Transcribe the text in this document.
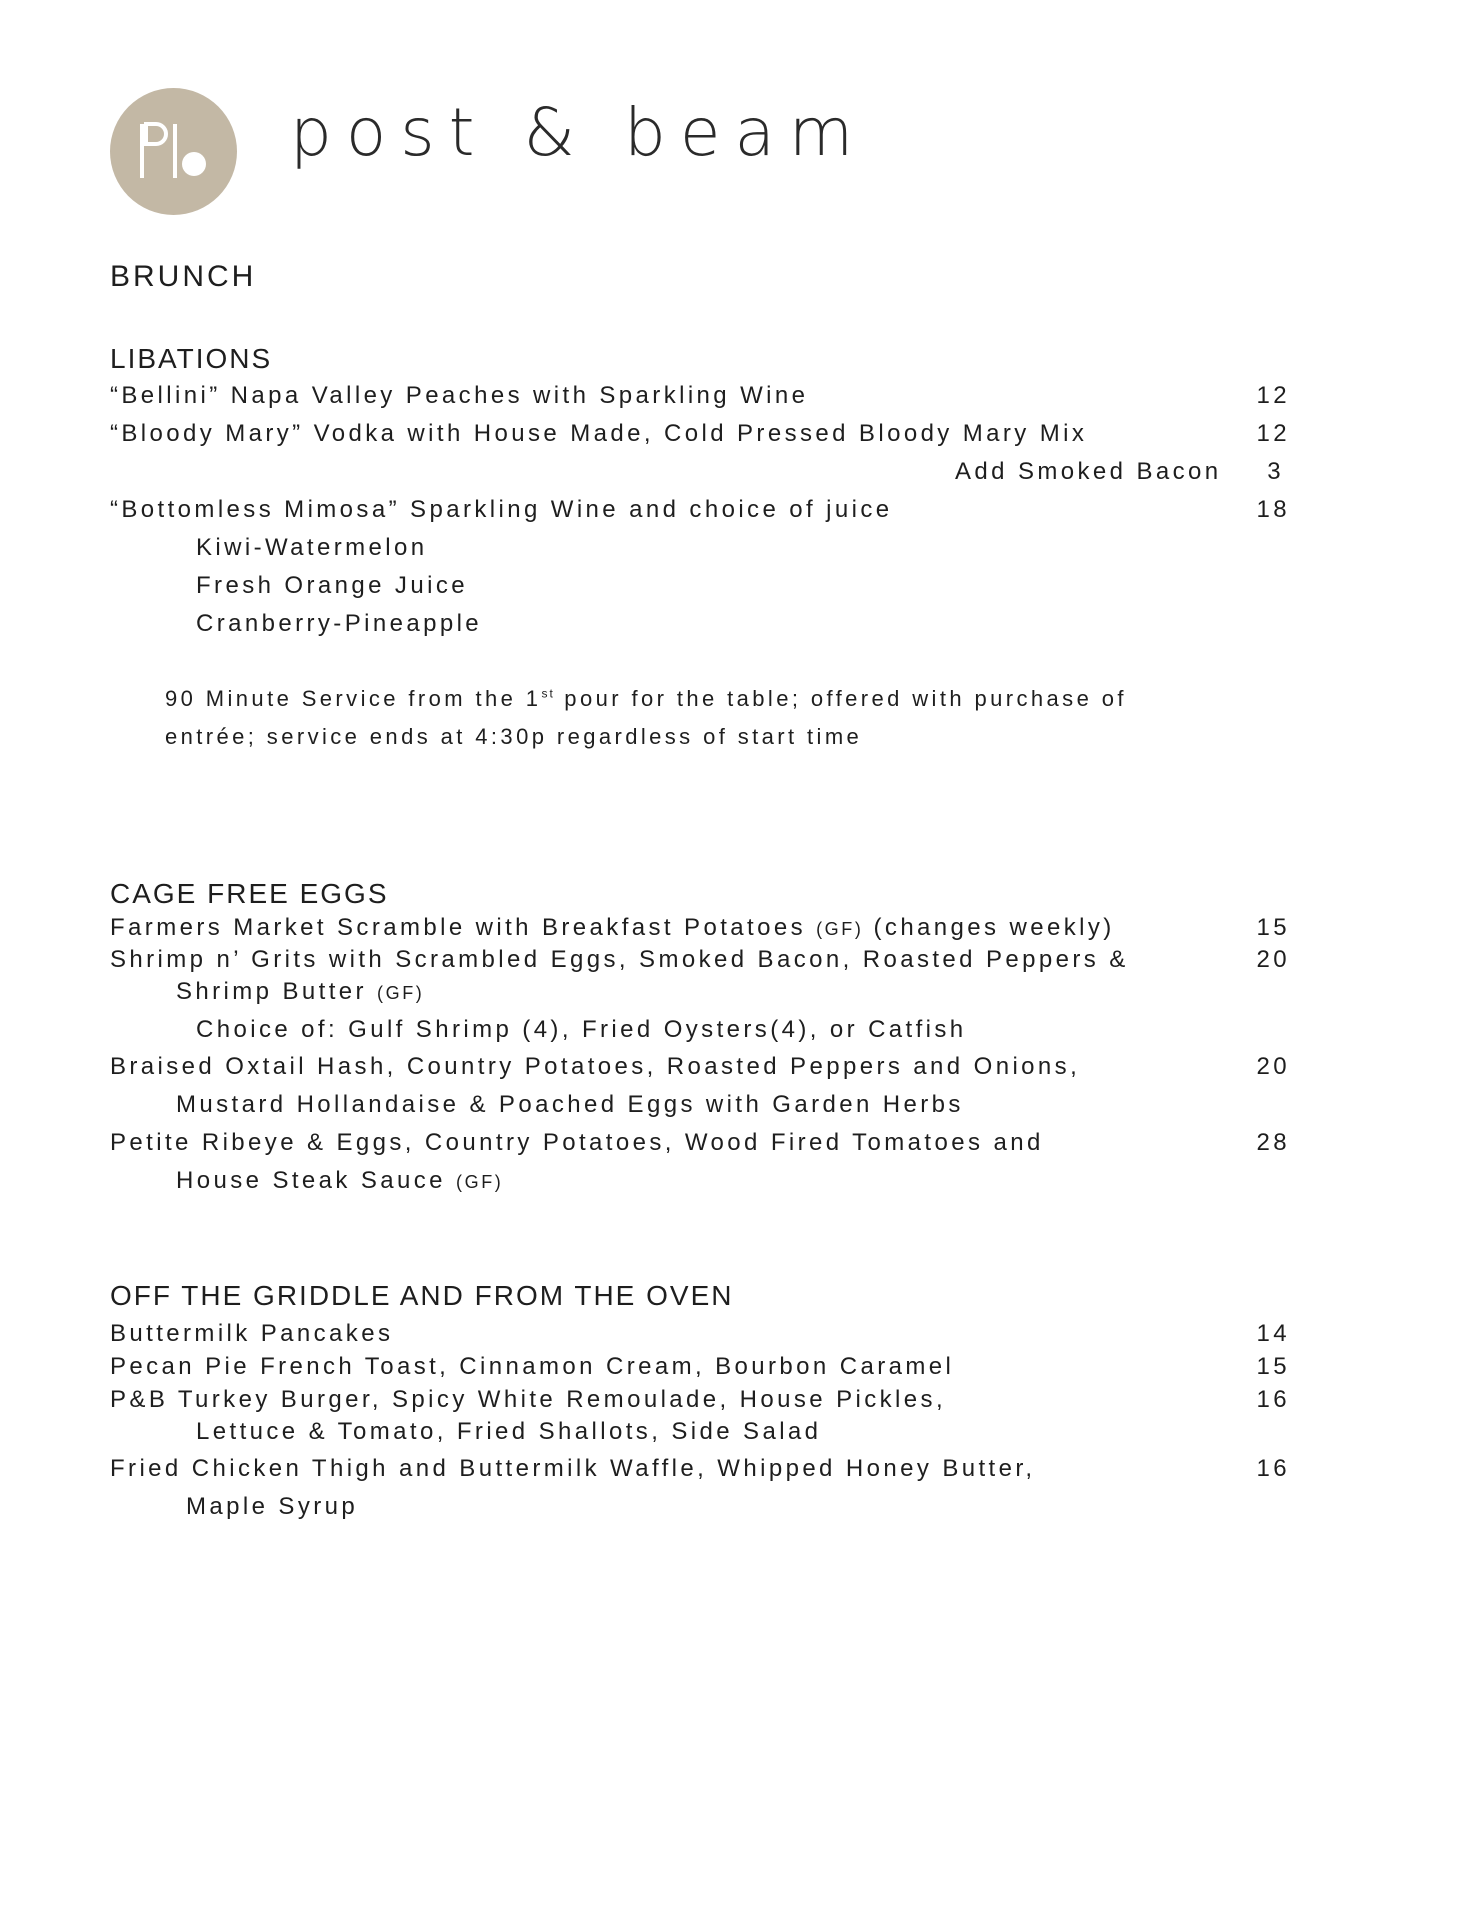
post & beam
BRUNCH
LIBATIONS
“Bellini” Napa Valley Peaches with Sparkling Wine	12
“Bloody Mary” Vodka with House Made, Cold Pressed Bloody Mary Mix	12
Add Smoked Bacon	3
“Bottomless Mimosa” Sparkling Wine and choice of juice	18
Kiwi-Watermelon
Fresh Orange Juice
Cranberry-Pineapple
90 Minute Service from the 1st pour for the table; offered with purchase of
entrée; service ends at 4:30p regardless of start time
CAGE FREE EGGS
Farmers Market Scramble with Breakfast Potatoes (GF) (changes weekly)	15
Shrimp n’ Grits with Scrambled Eggs, Smoked Bacon, Roasted Peppers &	20
Shrimp Butter (GF)
Choice of: Gulf Shrimp (4), Fried Oysters(4), or Catfish
Braised Oxtail Hash, Country Potatoes, Roasted Peppers and Onions,	20
Mustard Hollandaise & Poached Eggs with Garden Herbs
Petite Ribeye & Eggs, Country Potatoes, Wood Fired Tomatoes and	28
House Steak Sauce (GF)
OFF THE GRIDDLE AND FROM THE OVEN
Buttermilk Pancakes	14
Pecan Pie French Toast, Cinnamon Cream, Bourbon Caramel	15
P&B Turkey Burger, Spicy White Remoulade, House Pickles,	16
Lettuce & Tomato, Fried Shallots, Side Salad
Fried Chicken Thigh and Buttermilk Waffle, Whipped Honey Butter,	16
Maple Syrup
